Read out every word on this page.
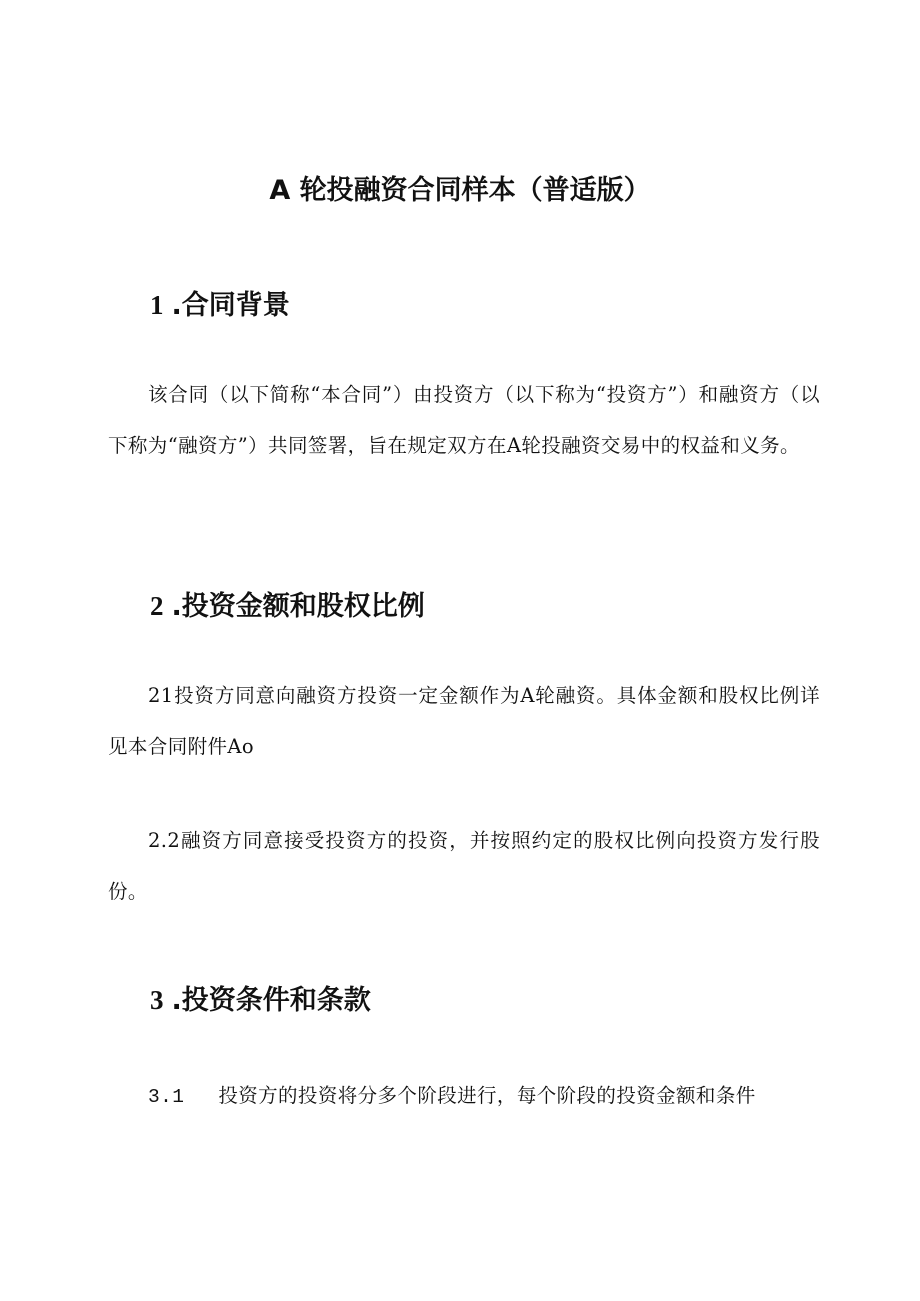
A 轮投融资合同样本（普适版）
1 .合同背景

该合同（以下简称“本合同”）由投资方（以下称为“投资方”）和融资方（以下称为“融资方”）共同签署，旨在规定双方在A轮投融资交易中的权益和义务。

2 .投资金额和股权比例

21投资方同意向融资方投资一定金额作为A轮融资。具体金额和股权比例详见本合同附件Ao

2.2融资方同意接受投资方的投资，并按照约定的股权比例向投资方发行股份。

3 .投资条件和条款

3.1 投资方的投资将分多个阶段进行，每个阶段的投资金额和条件
